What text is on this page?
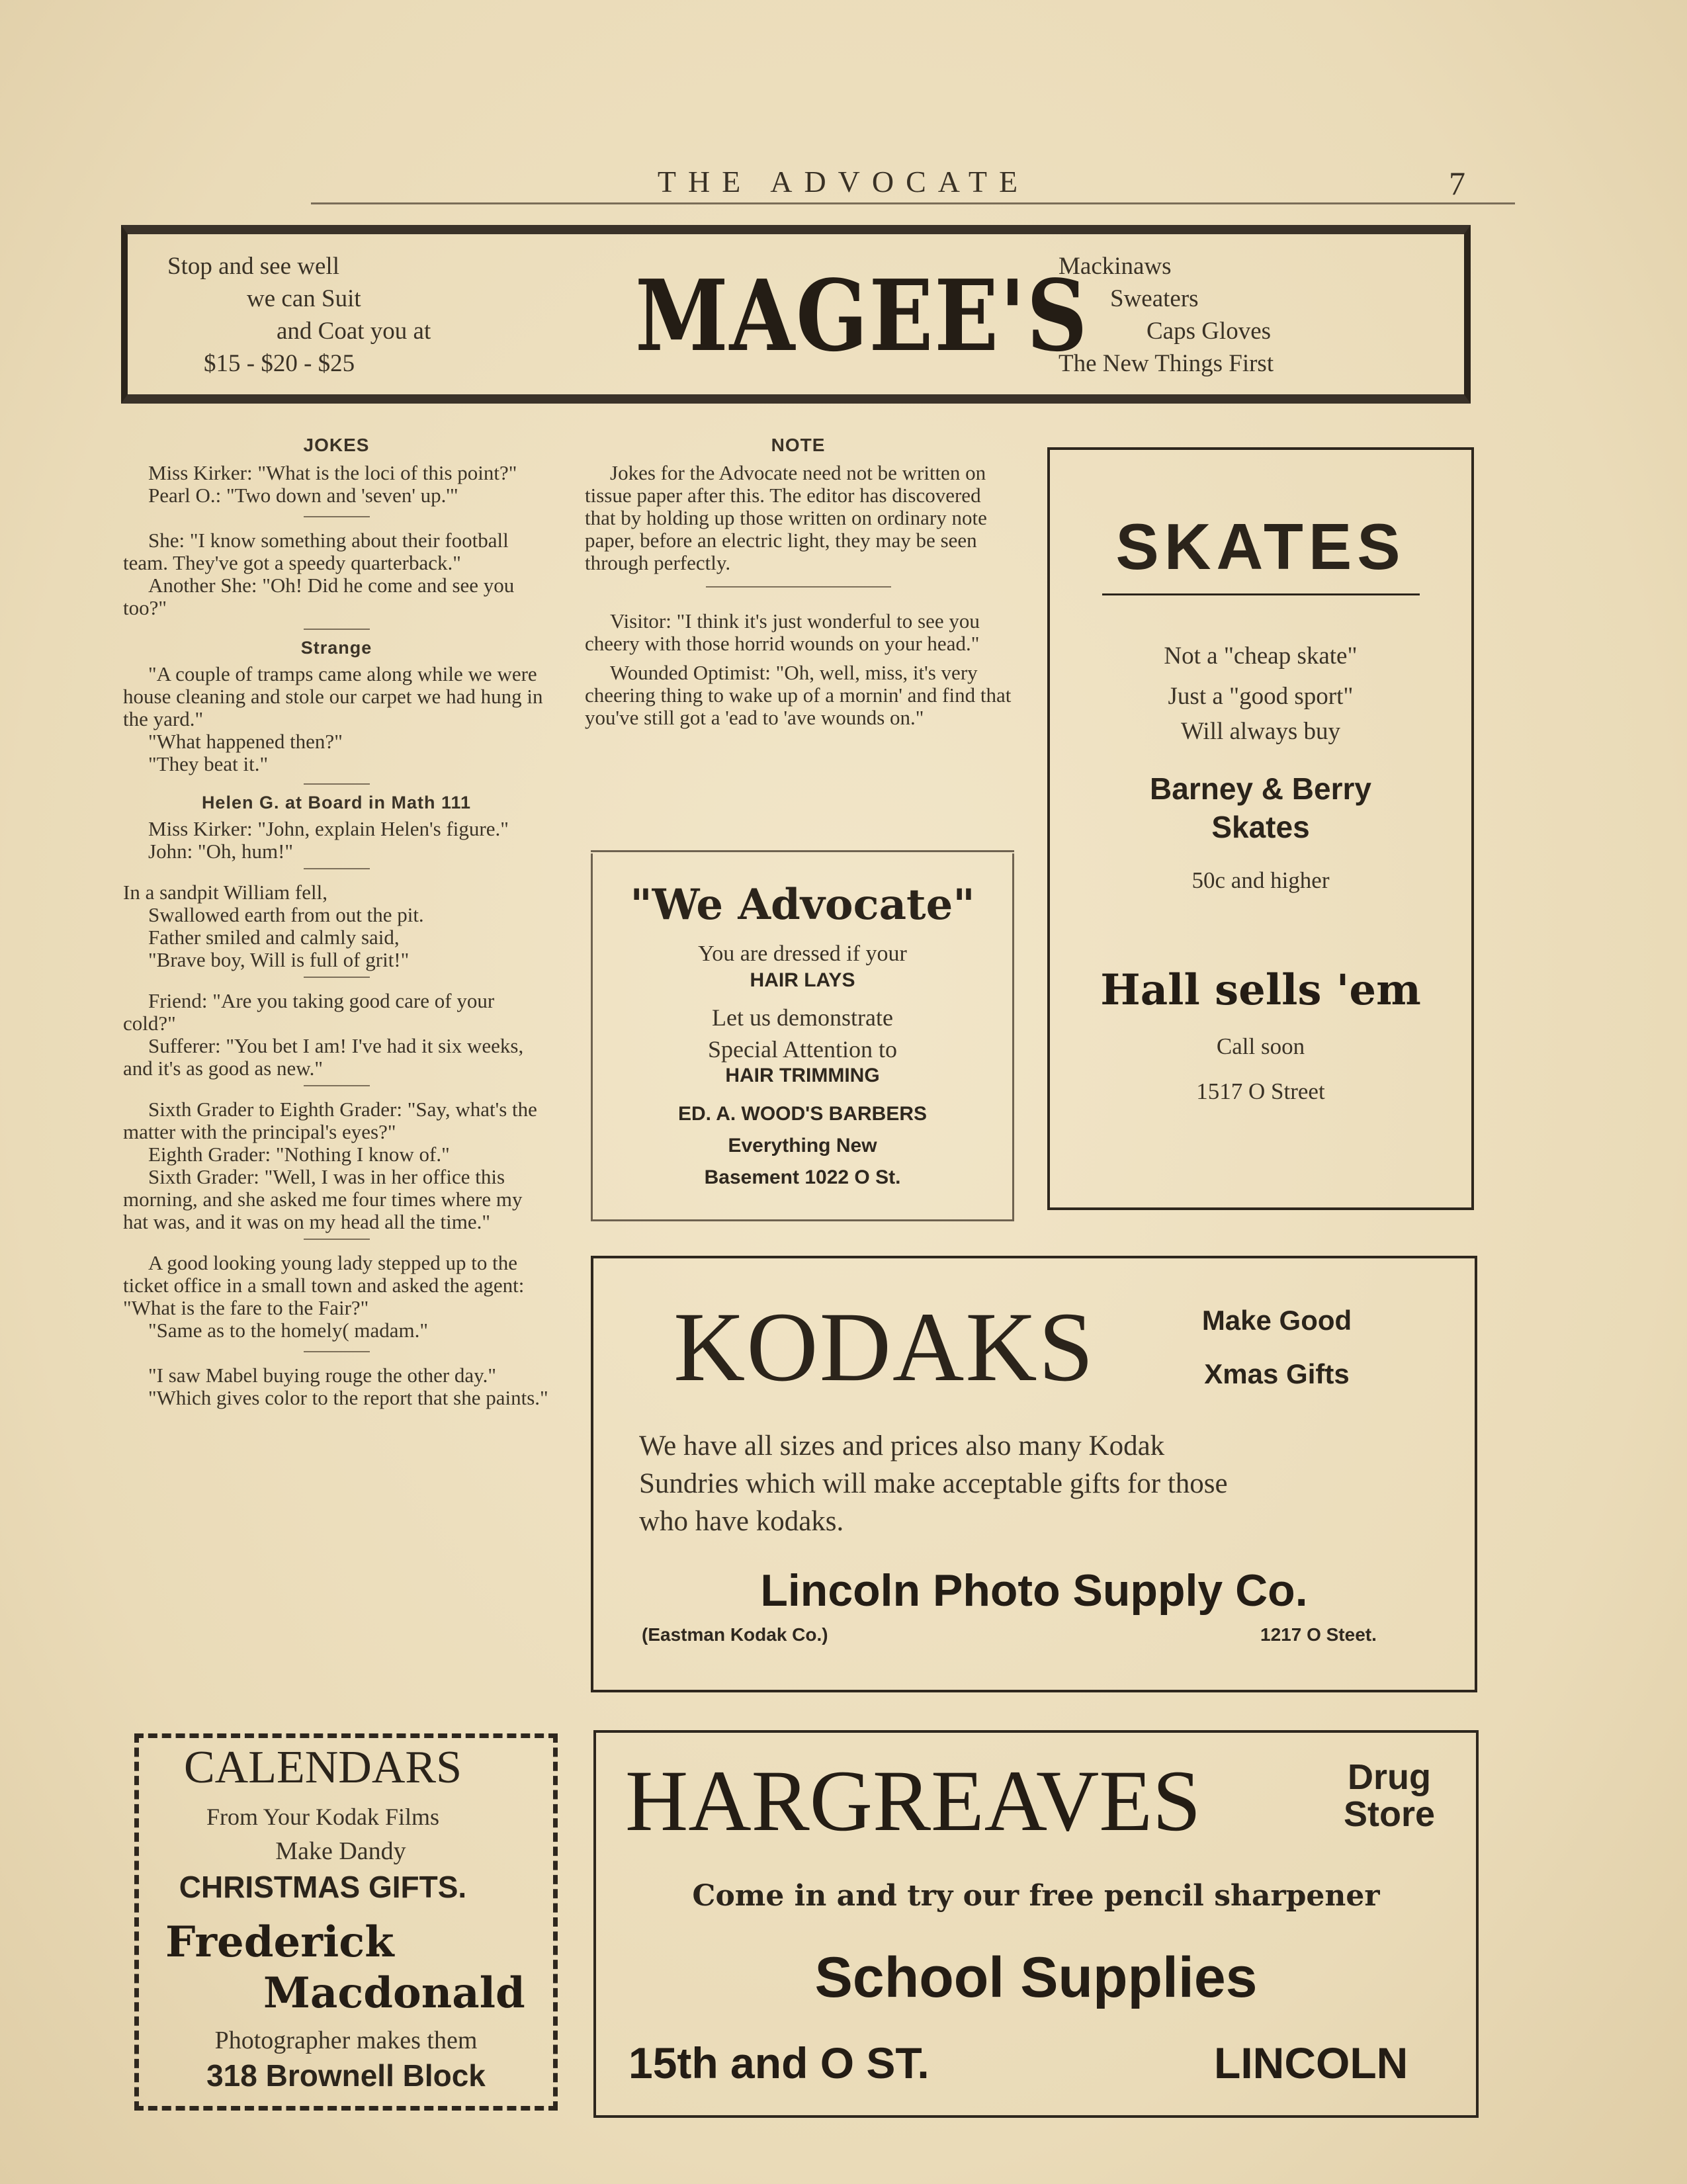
THE ADVOCATE	7
Stop and see well
we can Suit
and Coat you at
$15 - $20 - $25	MAGEE'S
Mackinaws
Sweaters
Caps Gloves
The New Things First
JOKES

Miss Kirker: "What is the loci of this point?"

Pearl O.: "Two down and 'seven' up.'"

She: "I know something about their football team. They've got a speedy quarterback."

Another She: "Oh! Did he come and see you too?"

Strange

"A couple of tramps came along while we were house cleaning and stole our carpet we had hung in the yard."

"What happened then?"

"They beat it."

Helen G. at Board in Math 111

Miss Kirker: "John, explain Helen's figure."

John: "Oh, hum!"

In a sandpit William fell,

Swallowed earth from out the pit.

Father smiled and calmly said,

"Brave boy, Will is full of grit!"

Friend: "Are you taking good care of your cold?"

Sufferer: "You bet I am! I've had it six weeks, and it's as good as new."

Sixth Grader to Eighth Grader: "Say, what's the matter with the principal's eyes?"

Eighth Grader: "Nothing I know of."

Sixth Grader: "Well, I was in her office this morning, and she asked me four times where my hat was, and it was on my head all the time."

A good looking young lady stepped up to the ticket office in a small town and asked the agent: "What is the fare to the Fair?"

"Same as to the homely( madam."

"I saw Mabel buying rouge the other day."

"Which gives color to the report that she paints."

NOTE

Jokes for the Advocate need not be written on tissue paper after this. The editor has discovered that by holding up those written on ordinary note paper, before an electric light, they may be seen through perfectly.

Visitor: "I think it's just wonderful to see you cheery with those horrid wounds on your head."

Wounded Optimist: "Oh, well, miss, it's very cheering thing to wake up of a mornin' and find that you've still got a 'ead to 'ave wounds on."

"We Advocate"
You are dressed if your
HAIR LAYS
Let us demonstrate
Special Attention to
HAIR TRIMMING
ED. A. WOOD'S BARBERS
Everything New
Basement 1022 O St.
SKATES
Not a "cheap skate"
Just a "good sport"
Will always buy
Barney & Berry
Skates
50c and higher
Hall sells 'em
Call soon
1517 O Street
KODAKS	Make Good
Xmas Gifts
We have all sizes and prices also many Kodak
Sundries which will make acceptable gifts for those
who have kodaks.
Lincoln Photo Supply Co.
(Eastman Kodak Co.)	1217 O Steet.
CALENDARS
From Your Kodak Films
Make Dandy
CHRISTMAS GIFTS.
Frederick
Macdonald
Photographer makes them
318 Brownell Block
HARGREAVES	Drug
Store
Come in and try our free pencil sharpener
School Supplies
15th and O ST.	LINCOLN
